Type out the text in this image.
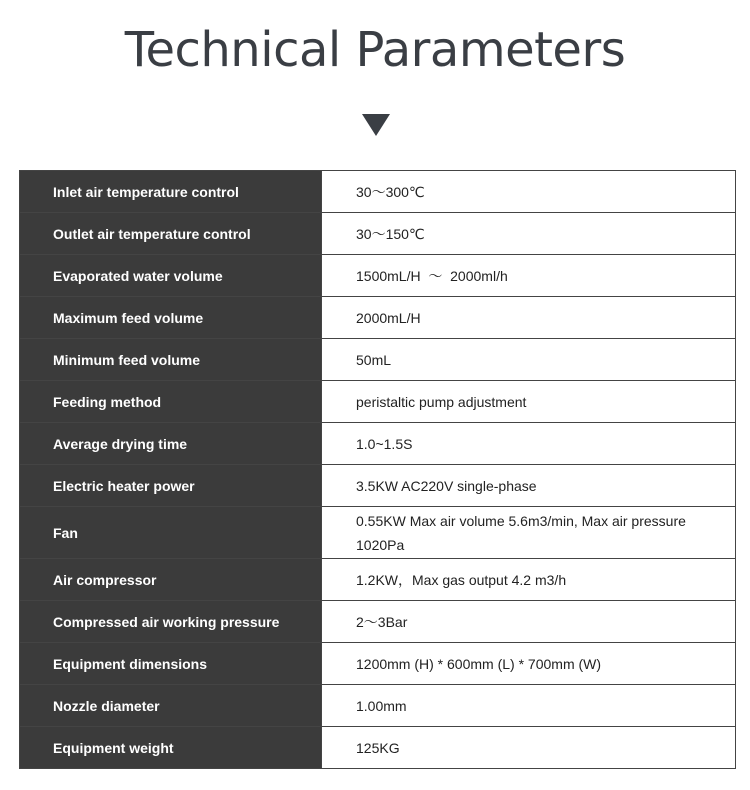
Technical Parameters
Inlet air temperature control	30～300℃
Outlet air temperature control	30～150℃
Evaporated water volume	1500mL/H  ～  2000ml/h
Maximum feed volume	2000mL/H
Minimum feed volume	50mL
Feeding method	peristaltic pump adjustment
Average drying time	1.0~1.5S
Electric heater power	3.5KW AC220V single-phase
Fan	0.55KW Max air volume 5.6m3/min, Max air pressure 1020Pa
Air compressor	1.2KW，Max gas output 4.2 m3/h
Compressed air working pressure	2～3Bar
Equipment dimensions	1200mm (H) * 600mm (L) * 700mm (W)
Nozzle diameter	1.00mm
Equipment weight	125KG
